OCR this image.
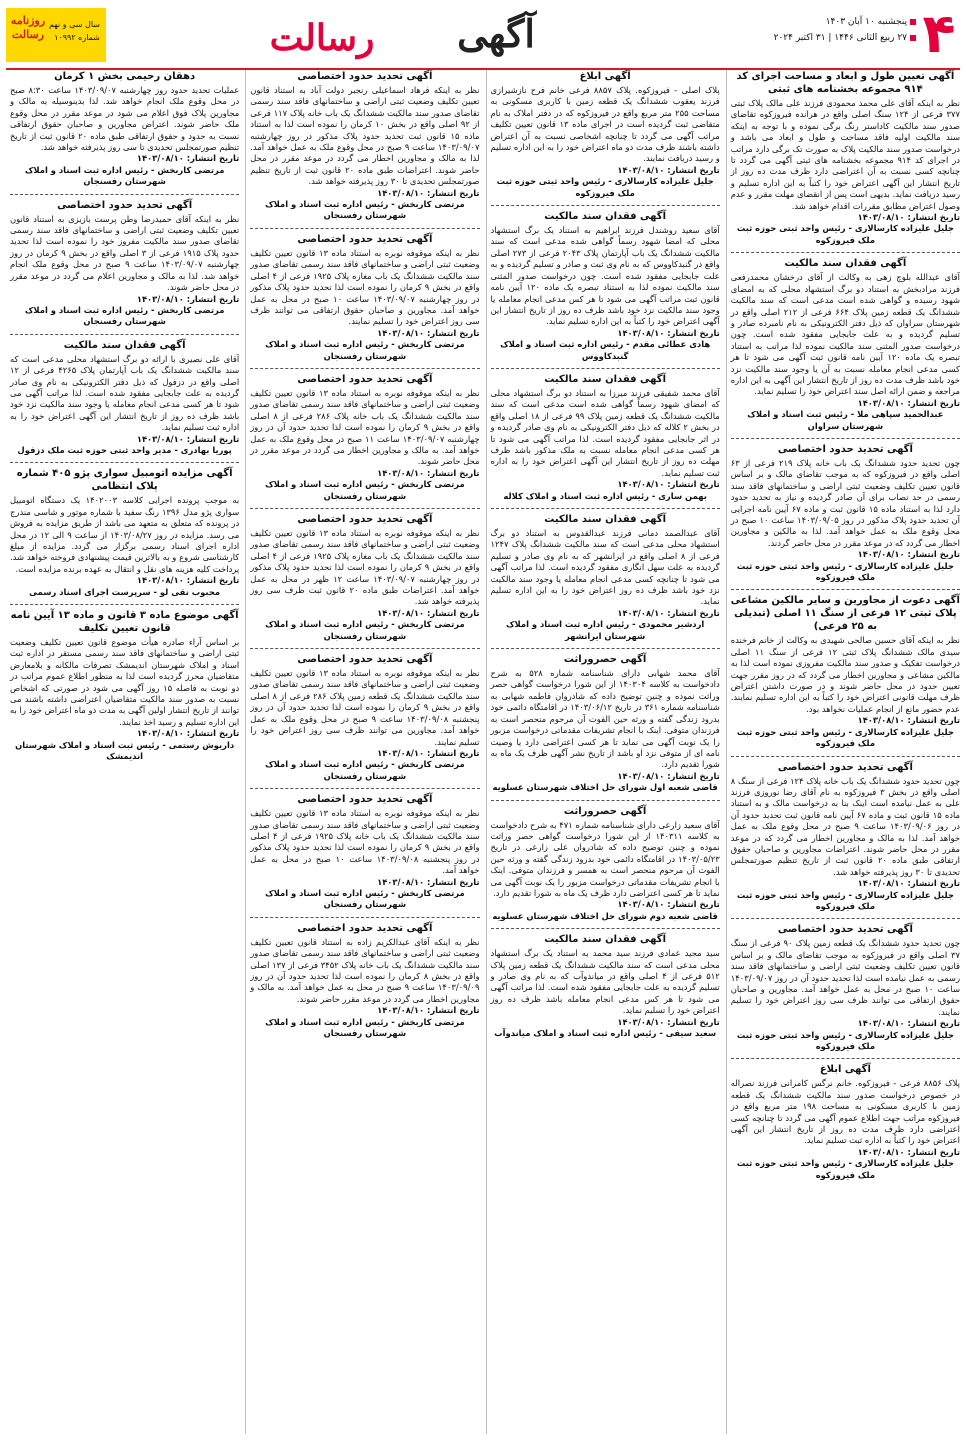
۴
پنجشنبه ۱۰ آبان ۱۴۰۳
۲۷ ربیع الثانی ۱۴۴۶ | ۳۱ اکتبر ۲۰۲۴
آگهی
رسالت
روزنامه رسالت
سال سی و نهم
شماره ۱۰۹۹۲
آگهی تعیین طول و ابعاد و مساحت اجرای کد ۹۱۴ مجموعه بخشنامه های ثبتی

نظر به اینکه آقای علی محمد محمودی فرزند علی مالک پلاک ثبتی ۳۷۷ فرعی از ۱۲۴ سنگ اصلی واقع در هرانده فیروزکوه تقاضای صدور سند مالکیت کاداستر رنگ برگی نموده و با توجه به اینکه سند مالکیت اولیه فاقد مساحت و طول و ابعاد می باشد و درخواست صدور سند مالکیت پلاک به صورت تک برگی دارد مراتب در اجرای کد ۹۱۴ مجموعه بخشنامه های ثبتی آگهی می گردد تا چنانچه کسی نسبت به آن اعتراضی دارد ظرف مدت ده روز از تاریخ انتشار این آگهی اعتراض خود را کتباً به این اداره تسلیم و رسید دریافت نماید. بدیهی است پس از انقضای مهلت مقرر و عدم وصول اعتراض مطابق مقررات اقدام خواهد شد.

تاریخ انتشار: ۱۴۰۳/۰۸/۱۰
جلیل علیزاده کارسالاری - رئیس واحد ثبتی حوزه ثبت ملک فیروزکوه
آگهی فقدان سند مالکیت

آقای عبدالله بلوچ زهی به وکالت از آقای درخشان محمدرفعی فرزند مرادبخش به استناد دو برگ استشهاد محلی که به امضای شهود رسیده و گواهی شده است مدعی است که سند مالکیت ششدانگ یک قطعه زمین پلاک ۶۶۴ فرعی از ۲۱۲ اصلی واقع در شهرستان سراوان که ذیل دفتر الکترونیکی به نام نامبرده صادر و تسلیم گردیده و به علت جابجایی مفقود شده است. چون درخواست صدور المثنی سند مالکیت نموده لذا مراتب به استناد تبصره یک ماده ۱۲۰ آیین نامه قانون ثبت آگهی می شود تا هر کسی مدعی انجام معامله نسبت به آن یا وجود سند مالکیت نزد خود باشد ظرف مدت ده روز از تاریخ انتشار این آگهی به این اداره مراجعه و ضمن ارائه اصل سند اعتراض خود را تسلیم نماید.

تاریخ انتشار: ۱۴۰۳/۰۸/۱۰
عبدالحمید سپاهی ملا - رئیس ثبت اسناد و املاک شهرستان سراوان
آگهی تحدید حدود اختصاصی

چون تحدید حدود ششدانگ یک باب خانه پلاک ۲۱۹ فرعی از ۶۳ اصلی واقع در فیروزکوه که به موجب تقاضای مالک و بر اساس قانون تعیین تکلیف وضعیت ثبتی اراضی و ساختمانهای فاقد سند رسمی در حد نصاب برای آن صادر گردیده و نیاز به تحدید حدود دارد لذا به استناد ماده ۱۵ قانون ثبت و ماده ۶۷ آیین نامه اجرایی آن تحدید حدود پلاک مذکور در روز ۱۴۰۳/۰۹/۰۵ ساعت ۱۰ صبح در محل وقوع ملک به عمل خواهد آمد. لذا به مالکین و مجاورین اخطار می گردد که در موعد مقرر در محل حاضر گردند.

تاریخ انتشار: ۱۴۰۳/۰۸/۱۰
جلیل علیزاده کارسالاری - رئیس واحد ثبتی حوزه ثبت ملک فیروزکوه
آگهی دعوت از مجاورین و سایر مالکین مشاعی پلاک ثبتی ۱۲ فرعی از سنگ ۱۱ اصلی (تبدیلی به ۲۵ فرعی)

نظر به اینکه آقای حسین صالحی شهیدی به وکالت از خانم فرخنده سیدی مالک ششدانگ پلاک ثبتی ۱۲ فرعی از سنگ ۱۱ اصلی درخواست تفکیک و صدور سند مالکیت مفروزی نموده است لذا به مالکین مشاعی و مجاورین اخطار می گردد که در روز مقرر جهت تعیین حدود در محل حاضر شوند و در صورت داشتن اعتراض ظرف مهلت قانونی اعتراض خود را کتباً به این اداره تسلیم نمایند. عدم حضور مانع از انجام عملیات نخواهد بود.

تاریخ انتشار: ۱۴۰۳/۰۸/۱۰
جلیل علیزاده کارسالاری - رئیس واحد ثبتی حوزه ثبت ملک فیروزکوه
آگهی تحدید حدود اختصاصی

چون تحدید حدود ششدانگ یک باب خانه پلاک ۱۲۴ فرعی از سنگ ۸ اصلی واقع در بخش ۳ فیروزکوه به نام آقای رضا نوروزی فرزند علی به عمل نیامده است اینک بنا به درخواست مالک و به استناد ماده ۱۵ قانون ثبت و ماده ۶۷ آیین نامه قانون ثبت تحدید حدود آن در روز ۱۴۰۳/۰۹/۰۶ ساعت ۹ صبح در محل وقوع ملک به عمل خواهد آمد. لذا به مالک و مجاورین اخطار می گردد که در موعد مقرر در محل حاضر شوند. اعتراضات مجاورین و صاحبان حقوق ارتفاقی طبق ماده ۲۰ قانون ثبت از تاریخ تنظیم صورتمجلس تحدیدی تا ۳۰ روز پذیرفته خواهد شد.

تاریخ انتشار: ۱۴۰۳/۰۸/۱۰
جلیل علیزاده کارسالاری - رئیس واحد ثبتی حوزه ثبت ملک فیروزکوه
آگهی تحدید حدود اختصاصی

چون تحدید حدود ششدانگ یک قطعه زمین پلاک ۹۰ فرعی از سنگ ۳۷ اصلی واقع در فیروزکوه به موجب تقاضای مالک و بر اساس قانون تعیین تکلیف وضعیت ثبتی اراضی و ساختمانهای فاقد سند رسمی به عمل نیامده است لذا تحدید حدود آن در روز ۱۴۰۳/۰۹/۰۷ ساعت ۱۰ صبح در محل به عمل خواهد آمد. مجاورین و صاحبان حقوق ارتفاقی می توانند ظرف سی روز اعتراض خود را تسلیم نمایند.

تاریخ انتشار: ۱۴۰۳/۰۸/۱۰
جلیل علیزاده کارسالاری - رئیس واحد ثبتی حوزه ثبت ملک فیروزکوه
آگهی ابلاغ

پلاک ۸۸۵۶ فرعی - فیروزکوه. خانم نرگس کامرانی فرزند نصراله در خصوص درخواست صدور سند مالکیت ششدانگ یک قطعه زمین با کاربری مسکونی به مساحت ۱۹۸ متر مربع واقع در فیروزکوه مراتب جهت اطلاع عموم آگهی می گردد تا چنانچه کسی اعتراضی دارد ظرف مدت ده روز از تاریخ انتشار این آگهی اعتراض خود را کتباً به اداره ثبت تسلیم نماید.

تاریخ انتشار: ۱۴۰۳/۰۸/۱۰
جلیل علیزاده کارسالاری - رئیس واحد ثبتی حوزه ثبت ملک فیروزکوه
آگهی ابلاغ

پلاک اصلی - فیروزکوه. پلاک ۸۸۵۷ فرعی خانم فرح نازشیرازی فرزند یعقوب ششدانگ یک قطعه زمین با کاربری مسکونی به مساحت ۲۵۵ متر مربع واقع در فیروزکوه که در دفتر املاک به نام متقاضی ثبت گردیده است در اجرای ماده ۱۳ قانون تعیین تکلیف مراتب آگهی می گردد تا چنانچه اشخاصی نسبت به آن اعتراض داشته باشند ظرف مدت دو ماه اعتراض خود را به این اداره تسلیم و رسید دریافت نمایند.

تاریخ انتشار: ۱۴۰۳/۰۸/۱۰
جلیل علیزاده کارسالاری - رئیس واحد ثبتی حوزه ثبت ملک فیروزکوه
آگهی فقدان سند مالکیت

آقای سعید روشندل فرزند ابراهیم به استناد یک برگ استشهاد محلی که امضا شهود رسماً گواهی شده مدعی است که سند مالکیت ششدانگ یک باب آپارتمان پلاک ۲۰۴۳ فرعی از ۲۷۳ اصلی واقع در گنبدکاووس که به نام وی ثبت و صادر و تسلیم گردیده و به علت جابجایی مفقود شده است. چون درخواست صدور المثنی سند مالکیت نموده لذا به استناد تبصره یک ماده ۱۲۰ آیین نامه قانون ثبت مراتب آگهی می شود تا هر کس مدعی انجام معامله یا وجود سند مالکیت نزد خود باشد ظرف ده روز از تاریخ انتشار این آگهی اعتراض خود را کتباً به این اداره تسلیم نماید.

تاریخ انتشار: ۱۴۰۳/۰۸/۱۰
هادی عطائی مقدم - رئیس اداره ثبت اسناد و املاک گنبدکاووس
آگهی فقدان سند مالکیت

آقای محمد شفیقی فرزند میرزا به استناد دو برگ استشهاد محلی که امضای شهود رسماً گواهی شده است مدعی است که سند مالکیت ششدانگ یک قطعه زمین پلاک ۹۹ فرعی از ۱۸ اصلی واقع در بخش ۲ کلاله که ذیل دفتر الکترونیکی به نام وی صادر گردیده و در اثر جابجایی مفقود گردیده است. لذا مراتب آگهی می شود تا هر کسی مدعی انجام معامله نسبت به ملک مذکور باشد ظرف مهلت ده روز از تاریخ انتشار این آگهی اعتراض خود را به اداره ثبت تسلیم نماید.

تاریخ انتشار: ۱۴۰۳/۰۸/۱۰
بهمن ساری - رئیس اداره ثبت اسناد و املاک کلاله
آگهی فقدان سند مالکیت

آقای عبدالصمد دمانی فرزند عبدالقدوس به استناد دو برگ استشهاد محلی مدعی است که سند مالکیت ششدانگ پلاک ۱۲۴۷ فرعی از ۸ اصلی واقع در ایرانشهر که به نام وی صادر و تسلیم گردیده به علت سهل انگاری مفقود گردیده است. لذا مراتب آگهی می شود تا چنانچه کسی مدعی انجام معامله یا وجود سند مالکیت نزد خود باشد ظرف ده روز اعتراض خود را به این اداره تسلیم نماید.

تاریخ انتشار: ۱۴۰۳/۰۸/۱۰
اردشیر محمودی - رئیس اداره ثبت اسناد و املاک شهرستان ایرانشهر
آگهی حصروراثت

آقای محمد شهابی دارای شناسنامه شماره ۵۲۸ به شرح دادخواست به کلاسه ۱۴۰۳۰۴ از این شورا درخواست گواهی حصر وراثت نموده و چنین توضیح داده که شادروان فاطمه شهابی به شناسنامه شماره ۳۶۱ در تاریخ ۱۴۰۳/۰۶/۱۲ در اقامتگاه دائمی خود بدرود زندگی گفته و ورثه حین الفوت آن مرحوم منحصر است به فرزندان متوفی. اینک با انجام تشریفات مقدماتی درخواست مزبور را یک نوبت آگهی می نماید تا هر کسی اعتراضی دارد یا وصیت نامه ای از متوفی نزد او باشد از تاریخ نشر آگهی ظرف یک ماه به شورا تقدیم دارد.

تاریخ انتشار: ۱۴۰۳/۰۸/۱۰
قاضی شعبه اول شورای حل اختلاف شهرستان عسلویه
آگهی حصروراثت

آقای سعید زارعی دارای شناسنامه شماره ۴۷۱ به شرح دادخواست به کلاسه ۱۴۰۳۱۱ از این شورا درخواست گواهی حصر وراثت نموده و چنین توضیح داده که شادروان علی زارعی در تاریخ ۱۴۰۳/۰۵/۲۳ در اقامتگاه دائمی خود بدرود زندگی گفته و ورثه حین الفوت آن مرحوم منحصر است به همسر و فرزندان متوفی. اینک با انجام تشریفات مقدماتی درخواست مزبور را یک نوبت آگهی می نماید تا هر کسی اعتراضی دارد ظرف یک ماه به شورا تقدیم دارد.

تاریخ انتشار: ۱۴۰۳/۰۸/۱۰
قاضی شعبه دوم شورای حل اختلاف شهرستان عسلویه
آگهی فقدان سند مالکیت

سید مجید عمادی فرزند سید محمد به استناد یک برگ استشهاد محلی مدعی است که سند مالکیت ششدانگ یک قطعه زمین پلاک ۵۱۲ فرعی از ۴ اصلی واقع در میاندوآب که به نام وی صادر و تسلیم گردیده به علت جابجایی مفقود شده است. لذا مراتب آگهی می شود تا هر کس مدعی انجام معامله باشد ظرف ده روز اعتراض خود را تسلیم نماید.

تاریخ انتشار: ۱۴۰۳/۰۸/۱۰
سعید سیفی - رئیس اداره ثبت اسناد و املاک میاندوآب
آگهی تحدید حدود اختصاصی

نظر به اینکه فرهاد اسماعیلی رنجبر دولت آباد به استناد قانون تعیین تکلیف وضعیت ثبتی اراضی و ساختمانهای فاقد سند رسمی تقاضای صدور سند مالکیت ششدانگ یک باب خانه پلاک ۱۱۷ فرعی از ۹۲ اصلی واقع در بخش ۱۰ کرمان را نموده است لذا به استناد ماده ۱۵ قانون ثبت تحدید حدود پلاک مذکور در روز چهارشنبه ۱۴۰۳/۰۹/۰۷ ساعت ۹ صبح در محل وقوع ملک به عمل خواهد آمد. لذا به مالک و مجاورین اخطار می گردد در موعد مقرر در محل حاضر شوند. اعتراضات طبق ماده ۲۰ قانون ثبت از تاریخ تنظیم صورتمجلس تحدیدی تا ۳۰ روز پذیرفته خواهد شد.

تاریخ انتشار: ۱۴۰۳/۰۸/۱۰
مرتضی کاربخش - رئیس اداره ثبت اسناد و املاک شهرستان رفسنجان
آگهی تحدید حدود اختصاصی

نظر به اینکه موقوفه نوبره به استناد ماده ۱۳ قانون تعیین تکلیف وضعیت ثبتی اراضی و ساختمانهای فاقد سند رسمی تقاضای صدور سند مالکیت ششدانگ یک باب مغازه پلاک ۱۹۲۵ فرعی از ۴ اصلی واقع در بخش ۹ کرمان را نموده است لذا تحدید حدود پلاک مذکور در روز چهارشنبه ۱۴۰۳/۰۹/۰۷ ساعت ۱۰ صبح در محل به عمل خواهد آمد. مجاورین و صاحبان حقوق ارتفاقی می توانند ظرف سی روز اعتراض خود را تسلیم نمایند.

تاریخ انتشار: ۱۴۰۳/۰۸/۱۰
مرتضی کاربخش - رئیس اداره ثبت اسناد و املاک شهرستان رفسنجان
آگهی تحدید حدود اختصاصی

نظر به اینکه موقوفه نوبره به استناد ماده ۱۳ قانون تعیین تکلیف وضعیت ثبتی اراضی و ساختمانهای فاقد سند رسمی تقاضای صدور سند مالکیت ششدانگ یک باب خانه پلاک ۲۸۶ فرعی از ۸ اصلی واقع در بخش ۹ کرمان را نموده است لذا تحدید حدود آن در روز چهارشنبه ۱۴۰۳/۰۹/۰۷ ساعت ۱۱ صبح در محل وقوع ملک به عمل خواهد آمد. به مالک و مجاورین اخطار می گردد در موعد مقرر در محل حاضر شوند.

تاریخ انتشار: ۱۴۰۳/۰۸/۱۰
مرتضی کاربخش - رئیس اداره ثبت اسناد و املاک شهرستان رفسنجان
آگهی تحدید حدود اختصاصی

نظر به اینکه موقوفه نوبره به استناد ماده ۱۳ قانون تعیین تکلیف وضعیت ثبتی اراضی و ساختمانهای فاقد سند رسمی تقاضای صدور سند مالکیت ششدانگ یک باب مغازه پلاک ۱۹۲۵ فرعی از ۴ اصلی واقع در بخش ۹ کرمان را نموده است لذا تحدید حدود پلاک مذکور در روز چهارشنبه ۱۴۰۳/۰۹/۰۷ ساعت ۱۲ ظهر در محل به عمل خواهد آمد. اعتراضات طبق ماده ۲۰ قانون ثبت ظرف سی روز پذیرفته خواهد شد.

تاریخ انتشار: ۱۴۰۳/۰۸/۱۰
مرتضی کاربخش - رئیس اداره ثبت اسناد و املاک شهرستان رفسنجان
آگهی تحدید حدود اختصاصی

نظر به اینکه موقوفه نوبره به استناد ماده ۱۳ قانون تعیین تکلیف وضعیت ثبتی اراضی و ساختمانهای فاقد سند رسمی تقاضای صدور سند مالکیت ششدانگ یک قطعه زمین پلاک ۲۸۶ فرعی از ۸ اصلی واقع در بخش ۹ کرمان را نموده است لذا تحدید حدود آن در روز پنجشنبه ۱۴۰۳/۰۹/۰۸ ساعت ۹ صبح در محل وقوع ملک به عمل خواهد آمد. مجاورین می توانند ظرف سی روز اعتراض خود را تسلیم نمایند.

تاریخ انتشار: ۱۴۰۳/۰۸/۱۰
مرتضی کاربخش - رئیس اداره ثبت اسناد و املاک شهرستان رفسنجان
آگهی تحدید حدود اختصاصی

نظر به اینکه موقوفه نوبره به استناد ماده ۱۳ قانون تعیین تکلیف وضعیت ثبتی اراضی و ساختمانهای فاقد سند رسمی تقاضای صدور سند مالکیت ششدانگ یک باب خانه پلاک ۱۹۲۵ فرعی از ۴ اصلی واقع در بخش ۹ کرمان را نموده است لذا تحدید حدود پلاک مذکور در روز پنجشنبه ۱۴۰۳/۰۹/۰۸ ساعت ۱۰ صبح در محل به عمل خواهد آمد.

تاریخ انتشار: ۱۴۰۳/۰۸/۱۰
مرتضی کاربخش - رئیس اداره ثبت اسناد و املاک شهرستان رفسنجان
آگهی تحدید حدود اختصاصی

نظر به اینکه آقای عبدالکریم زاده به استناد قانون تعیین تکلیف وضعیت ثبتی اراضی و ساختمانهای فاقد سند رسمی تقاضای صدور سند مالکیت ششدانگ یک باب خانه پلاک ۳۴۵۲ فرعی از ۱۳۷ اصلی واقع در بخش ۸ کرمان را نموده است لذا تحدید حدود آن در روز ۱۴۰۳/۰۹/۰۹ ساعت ۹ صبح در محل به عمل خواهد آمد. به مالک و مجاورین اخطار می گردد در موعد مقرر حاضر شوند.

تاریخ انتشار: ۱۴۰۳/۰۸/۱۰
مرتضی کاربخش - رئیس اداره ثبت اسناد و املاک شهرستان رفسنجان
دهقان رحیمی بخش ۱ کرمان

عملیات تحدید حدود روز چهارشنبه ۱۴۰۳/۰۹/۰۷ ساعت ۸:۳۰ صبح در محل وقوع ملک انجام خواهد شد. لذا بدینوسیله به مالک و مجاورین پلاک فوق اعلام می شود در موعد مقرر در محل وقوع ملک حاضر شوند. اعتراض مجاورین و صاحبان حقوق ارتفاقی نسبت به حدود و حقوق ارتفاقی طبق ماده ۲۰ قانون ثبت از تاریخ تنظیم صورتمجلس تحدیدی تا سی روز پذیرفته خواهد شد.

تاریخ انتشار: ۱۴۰۳/۰۸/۱۰
مرتضی کاربخش - رئیس اداره ثبت اسناد و املاک شهرستان رفسنجان
آگهی تحدید حدود اختصاصی

نظر به اینکه آقای حمیدرضا وطن پرست بازیزی به استناد قانون تعیین تکلیف وضعیت ثبتی اراضی و ساختمانهای فاقد سند رسمی تقاضای صدور سند مالکیت مفروز خود را نموده است لذا تحدید حدود پلاک ۱۹۱۵ فرعی از ۳ اصلی واقع در بخش ۹ کرمان در روز چهارشنبه ۱۴۰۳/۰۹/۰۷ ساعت ۹ صبح در محل وقوع ملک انجام خواهد شد. لذا به مالک و مجاورین اعلام می گردد در موعد مقرر در محل حاضر شوند.

تاریخ انتشار: ۱۴۰۳/۰۸/۱۰
مرتضی کاربخش - رئیس اداره ثبت اسناد و املاک شهرستان رفسنجان
آگهی فقدان سند مالکیت

آقای علی نصیری با ارائه دو برگ استشهاد محلی مدعی است که سند مالکیت ششدانگ یک باب آپارتمان پلاک ۴۲۶۵ فرعی از ۱۲ اصلی واقع در دزفول که ذیل دفتر الکترونیکی به نام وی صادر گردیده به علت جابجایی مفقود شده است. لذا مراتب آگهی می شود تا هر کسی مدعی انجام معامله یا وجود سند مالکیت نزد خود باشد ظرف ده روز از تاریخ انتشار این آگهی اعتراض خود را به اداره ثبت تسلیم نماید.

تاریخ انتشار: ۱۴۰۳/۰۸/۱۰
پوریا بهادری - مدیر واحد ثبتی حوزه ثبت ملک دزفول
آگهی مزایده اتومبیل سواری پژو ۴۰۵ شماره پلاک انتظامی

به موجب پرونده اجرایی کلاسه ۱۴۰۲۰۰۳ یک دستگاه اتومبیل سواری پژو مدل ۱۳۹۶ رنگ سفید با شماره موتور و شاسی مندرج در پرونده که متعلق به متعهد می باشد از طریق مزایده به فروش می رسد. مزایده در روز ۱۴۰۳/۰۸/۲۷ از ساعت ۹ الی ۱۲ در محل اداره اجرای اسناد رسمی برگزار می گردد. مزایده از مبلغ کارشناسی شروع و به بالاترین قیمت پیشنهادی فروخته خواهد شد. پرداخت کلیه هزینه های نقل و انتقال به عهده برنده مزایده است.

تاریخ انتشار: ۱۴۰۳/۰۸/۱۰
محبوب نقی لو - سرپرست اجرای اسناد رسمی
آگهی موضوع ماده ۳ قانون و ماده ۱۳ آیین نامه قانون تعیین تکلیف

بر اساس آراء صادره هیأت موضوع قانون تعیین تکلیف وضعیت ثبتی اراضی و ساختمانهای فاقد سند رسمی مستقر در اداره ثبت اسناد و املاک شهرستان اندیمشک تصرفات مالکانه و بلامعارض متقاضیان محرز گردیده است لذا به منظور اطلاع عموم مراتب در دو نوبت به فاصله ۱۵ روز آگهی می شود در صورتی که اشخاص نسبت به صدور سند مالکیت متقاضیان اعتراضی داشته باشند می توانند از تاریخ انتشار اولین آگهی به مدت دو ماه اعتراض خود را به این اداره تسلیم و رسید اخذ نمایند.

تاریخ انتشار: ۱۴۰۳/۰۸/۱۰
داریوش رستمی - رئیس ثبت اسناد و املاک شهرستان اندیمشک
